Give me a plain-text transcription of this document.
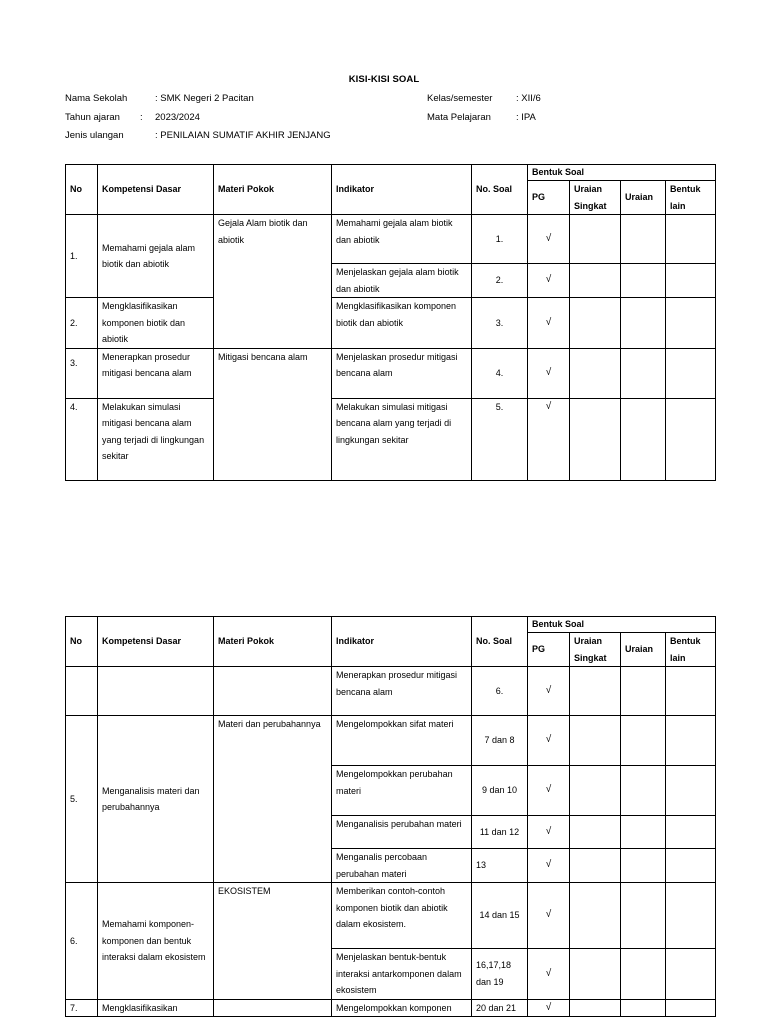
KISI-KISI SOAL
Nama Sekolah	: SMK Negeri 2 Pacitan
Tahun ajaran : 2023/2024
Jenis ulangan	: PENILAIAN SUMATIF AKHIR JENJANG
Kelas/semester : XII/6
Mata Pelajaran	: IPA
No	Kompetensi Dasar	Materi Pokok	Indikator	No. Soal	Bentuk Soal			
					PG	Uraian Singkat	Uraian	Bentuk lain
1.	Memahami gejala alam biotik dan abiotik	Gejala Alam biotik dan abiotik	Memahami gejala alam biotik dan abiotik	1.	√			
			Menjelaskan gejala alam biotik dan abiotik	2.	√			
2.	Mengklasifikasikan komponen biotik dan abiotik		Mengklasifikasikan komponen biotik dan abiotik	3.	√			
3.	Menerapkan prosedur mitigasi bencana alam	Mitigasi bencana alam	Menjelaskan prosedur mitigasi bencana alam	4.	√			
4.	Melakukan simulasi mitigasi bencana alam yang terjadi di lingkungan sekitar		Melakukan simulasi mitigasi bencana alam yang terjadi di lingkungan sekitar	5.	√			
No	Kompetensi Dasar	Materi Pokok	Indikator	No. Soal	Bentuk Soal			
					PG	Uraian Singkat	Uraian	Bentuk lain
			Menerapkan prosedur mitigasi bencana alam	6.	√			
5.	Menganalisis materi dan perubahannya	Materi dan perubahannya	Mengelompokkan sifat materi	7 dan 8	√			
			Mengelompokkan perubahan materi	9 dan 10	√			
			Menganalisis perubahan materi	11 dan 12	√			
			Menganalis percobaan perubahan materi	13	√			
6.	Memahami komponen-komponen dan bentuk interaksi dalam ekosistem	EKOSISTEM	Memberikan contoh-contoh komponen biotik dan abiotik dalam ekosistem.	14 dan 15	√			
			Menjelaskan bentuk-bentuk interaksi antarkomponen dalam ekosistem	16,17,18 dan 19	√			
7.	Mengklasifikasikan		Mengelompokkan komponen	20 dan 21	√			
